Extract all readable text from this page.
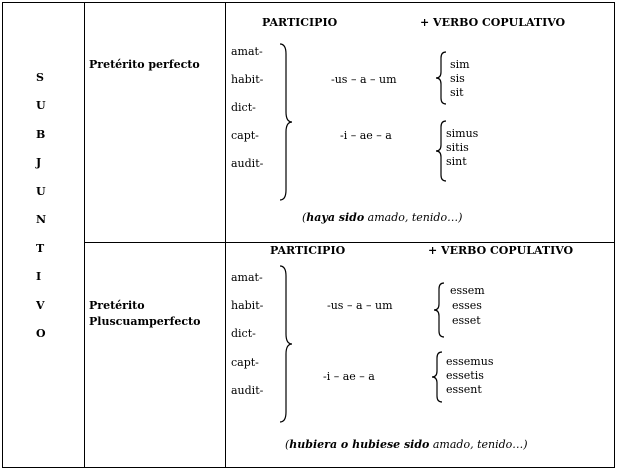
S
U
B
J
U
N
T
I
V
O
Pretérito perfecto
PARTICIPIO	+ VERBO COPULATIVO
amat-
habit-
dict-
capt-
audit-
-us – a – um
-i – ae – a
sim
sis
sit
simus
sitis
sint
(haya sido amado, tenido…)
Pretérito
Pluscuamperfecto
PARTICIPIO	+ VERBO COPULATIVO
amat-
habit-
dict-
capt-
audit-
-us – a – um
-i – ae – a
essem
esses
esset
essemus
essetis
essent
(hubiera o hubiese sido amado, tenido…)
